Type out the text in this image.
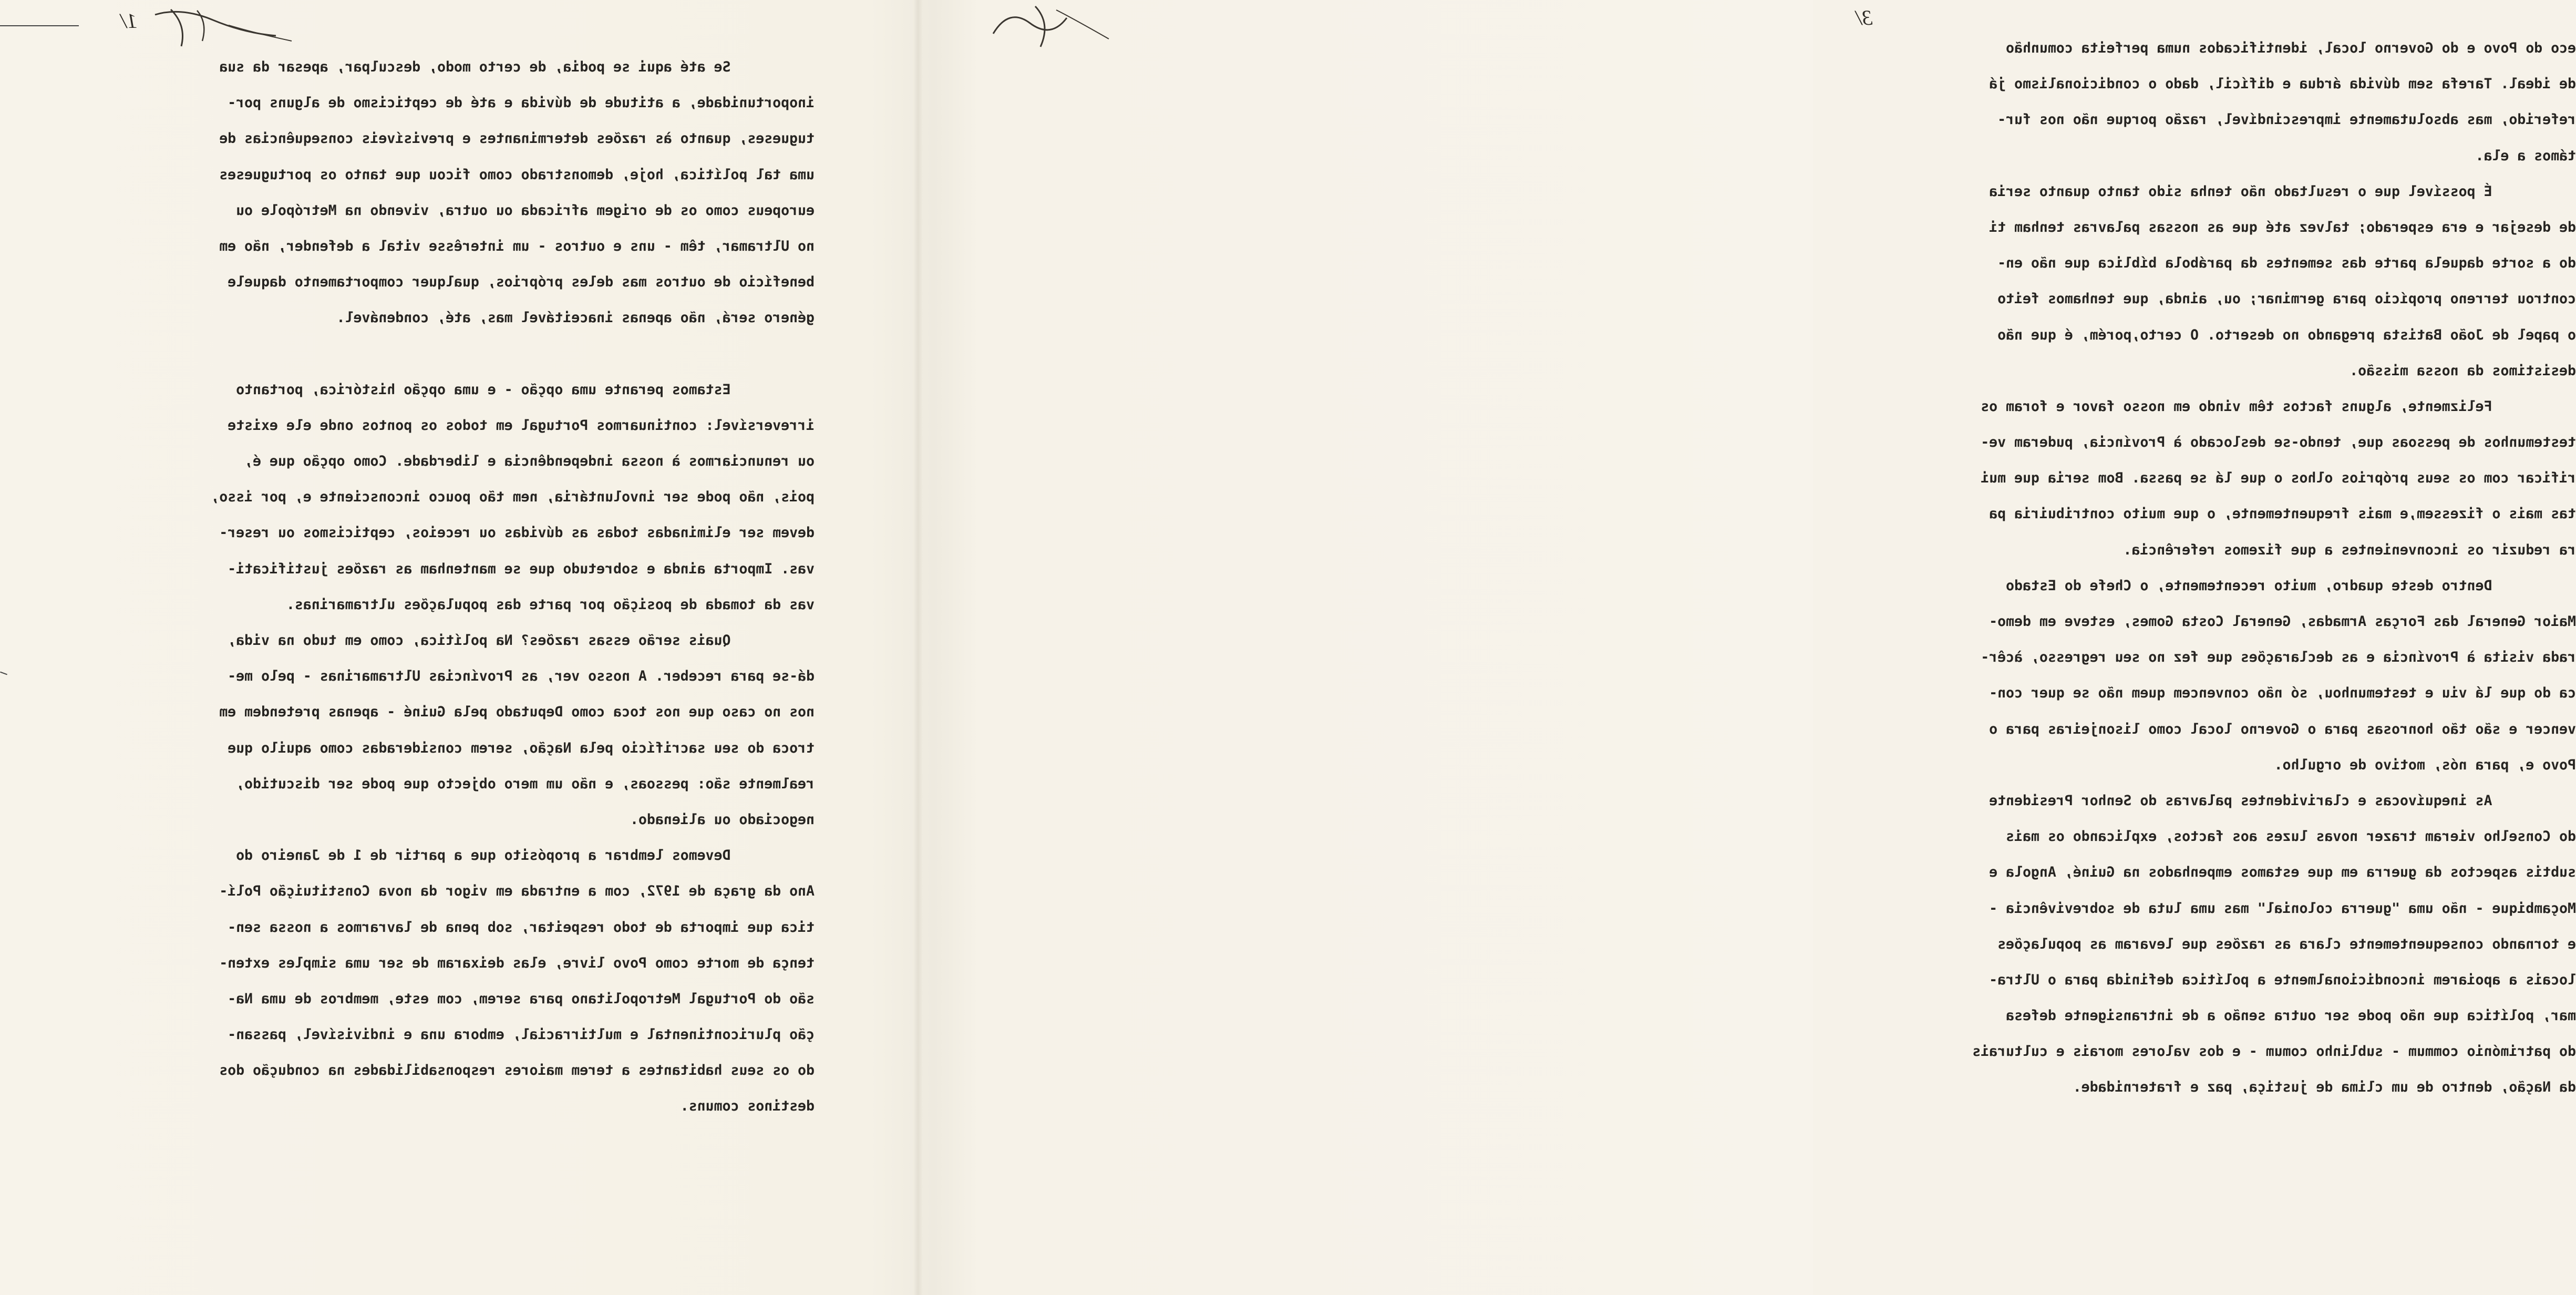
1/
Se até aqui se podia, de certo modo, desculpar, apesar da sua
inoportunidade, a atitude de dúvida e até de cepticismo de alguns por-
tugueses, quanto às razões determinantes e previsíveis consequências de
uma tal política, hoje, demonstrado como ficou que tanto os portugueses
europeus como os de origem africada ou outra, vivendo na Metrópole ou
no Ultramar, têm - uns e outros - um interêsse vital a defender, não em
benefício de outros mas deles próprios, qualquer comportamento daquele
género será, não apenas inaceitável mas, até, condenável.
Estamos perante uma opção - e uma opção histórica, portanto
irreversível: continuarmos Portugal em todos os pontos onde ele existe
ou renunciarmos à nossa independência e liberdade. Como opção que é,
pois, não pode ser involuntária, nem tão pouco inconsciente e, por isso,
devem ser eliminadas todas as dúvidas ou receios, cepticismos ou reser-
vas. Importa ainda e sobretudo que se mantenham as razões justificati-
vas da tomada de posição por parte das populações ultramarinas.
Quais serão essas razões? Na política, como em tudo na vida,
dá-se para receber. A nosso ver, as Províncias Ultramarinas - pelo me-
nos no caso que nos toca como Deputado pela Guiné - apenas pretendem em
troca do seu sacrifício pela Nação, serem consideradas como aquilo que
realmente são: pessoas, e não um mero objecto que pode ser discutido,
negociado ou alienado.
Devemos lembrar a propósito que a partir de 1 de Janeiro do
Ano da graça de 1972, com a entrada em vigor da nova Constituição Polí-
tica que importa de todo respeitar, sob pena de lavrarmos a nossa sen-
tença de morte como Povo livre, elas deixaram de ser uma simples exten-
são do Portugal Metropolitano para serem, com este, membros de uma Na-
ção pluricontinental e multirracial, embora una e indivisível, passan-
do os seus habitantes a terem maiores responsabilidades na condução dos
destinos comuns.
3/
eco do Povo e do Governo local, identificados numa perfeita comunhão
de ideal. Tarefa sem dúvida árdua e difícil, dado o condicionalismo já
referido, mas absolutamente imprescindível, razão porque não nos fur-
támos a ela.
É possível que o resultado não tenha sido tanto quanto seria
de desejar e era esperado; talvez até que as nossas palavras tenham ti
do a sorte daquela parte das sementes da parábola bíblica que não en-
controu terreno propício para germinar; ou, ainda, que tenhamos feito
o papel de João Batista pregando no deserto. O certo,porém, é que não
desistimos da nossa missão.
Felizmente, alguns factos têm vindo em nosso favor e foram os
testemunhos de pessoas que, tendo-se deslocado à Província, puderam ve-
rificar com os seus próprios olhos o que lá se passa. Bom seria que mui
tas mais o fizessem,e mais frequentemente, o que muito contribuiria pa
ra reduzir os inconvenientes a que fizemos referência.
Dentro deste quadro, muito recentemente, o Chefe do Estado
Maior General das Forças Armadas, General Costa Gomes, esteve em demo-
rada visita à Província e as declarações que fez no seu regresso, àcêr-
ca do que lá viu e testemunhou, só não convencem quem não se quer con-
vencer e são tão honrosas para o Governo local como lisonjeiras para o
Povo e, para nós, motivo de orgulho.
As inequívocas e clarividentes palavras do Senhor Presidente
do Conselho vieram trazer novas luzes aos factos, explicando os mais
subtis aspectos da guerra em que estamos empenhados na Guiné, Angola e
Moçambique - não uma "guerra colonial" mas uma luta de sobrevivência -
e tornando consequentemente clara as razões que levaram as populações
locais a apoiarem incondicionalmente a política definida para o Ultra-
mar, política que não pode ser outra senão a de intransigente defesa
do património commum - sublinho comum - e dos valores morais e culturais
da Nação, dentro de um clima de justiça, paz e fraternidade.
